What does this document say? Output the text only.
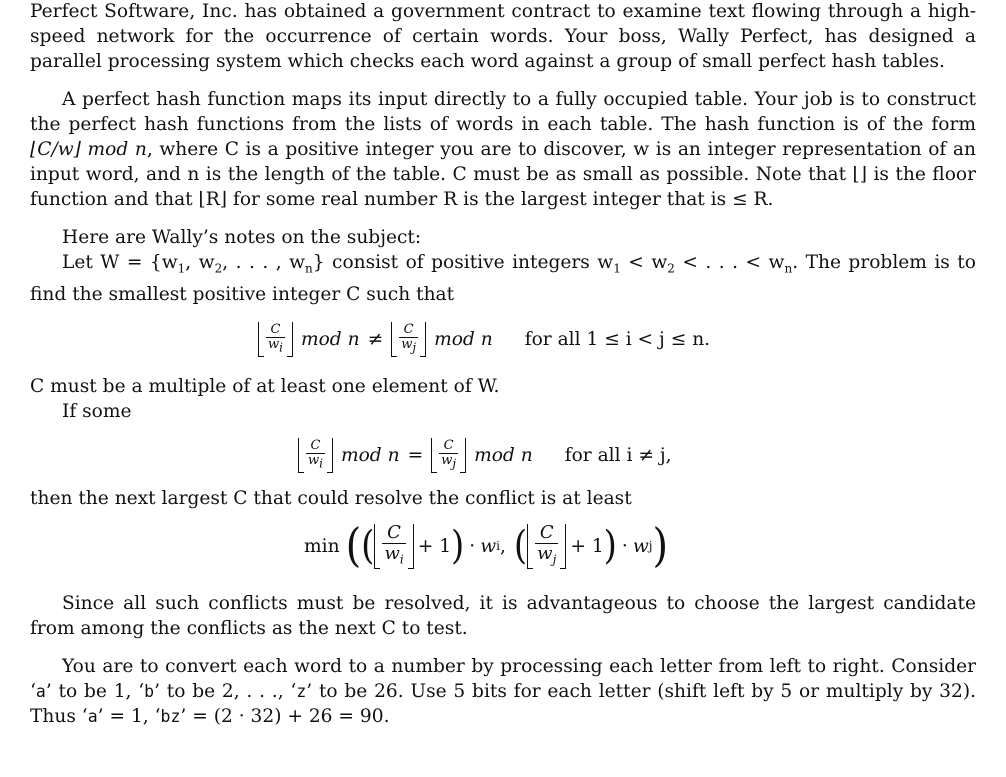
Perfect Software, Inc. has obtained a government contract to examine text flowing through a high-speed network for the occurrence of certain words. Your boss, Wally Perfect, has designed a parallel processing system which checks each word against a group of small perfect hash tables.

A perfect hash function maps its input directly to a fully occupied table. Your job is to construct the perfect hash functions from the lists of words in each table. The hash function is of the form ⌊C/w⌋ mod n, where C is a positive integer you are to discover, w is an integer representation of an input word, and n is the length of the table. C must be as small as possible. Note that ⌊⌋ is the floor function and that ⌊R⌋ for some real number R is the largest integer that is ≤ R.

Here are Wally’s notes on the subject:

Let $W = \{w_1$, $w_2$, . . . , $w_n$} consist of positive integers $w_1 < w_2$ < . . . < $w_n$. The problem is to find the smallest positive integer C such that

$\frac{C}{w_i}$ mod $n \ne \frac{C}{w_j}$ mod n for all 1 ≤ i < j ≤ n.

C must be a multiple of at least one element of W.

If some

$\frac{C}{w_i}$ mod $n = \frac{C}{w_j}$ mod n for all i ≠ j,

then the next largest C that could resolve the conflict is at least

min ( ( $\frac{C}{w_i} + 1$ ) · w i , ( $\frac{C}{w_j} + 1$ ) · w j )

Since all such conflicts must be resolved, it is advantageous to choose the largest candidate from among the conflicts as the next C to test.

You are to convert each word to a number by processing each letter from left to right. Consider ‘a’ to be 1, ‘b’ to be 2, . . ., ‘z’ to be 26. Use 5 bits for each letter (shift left by 5 or multiply by 32). Thus ‘a’ = 1, ‘bz’ = (2 · 32) + 26 = 90.
